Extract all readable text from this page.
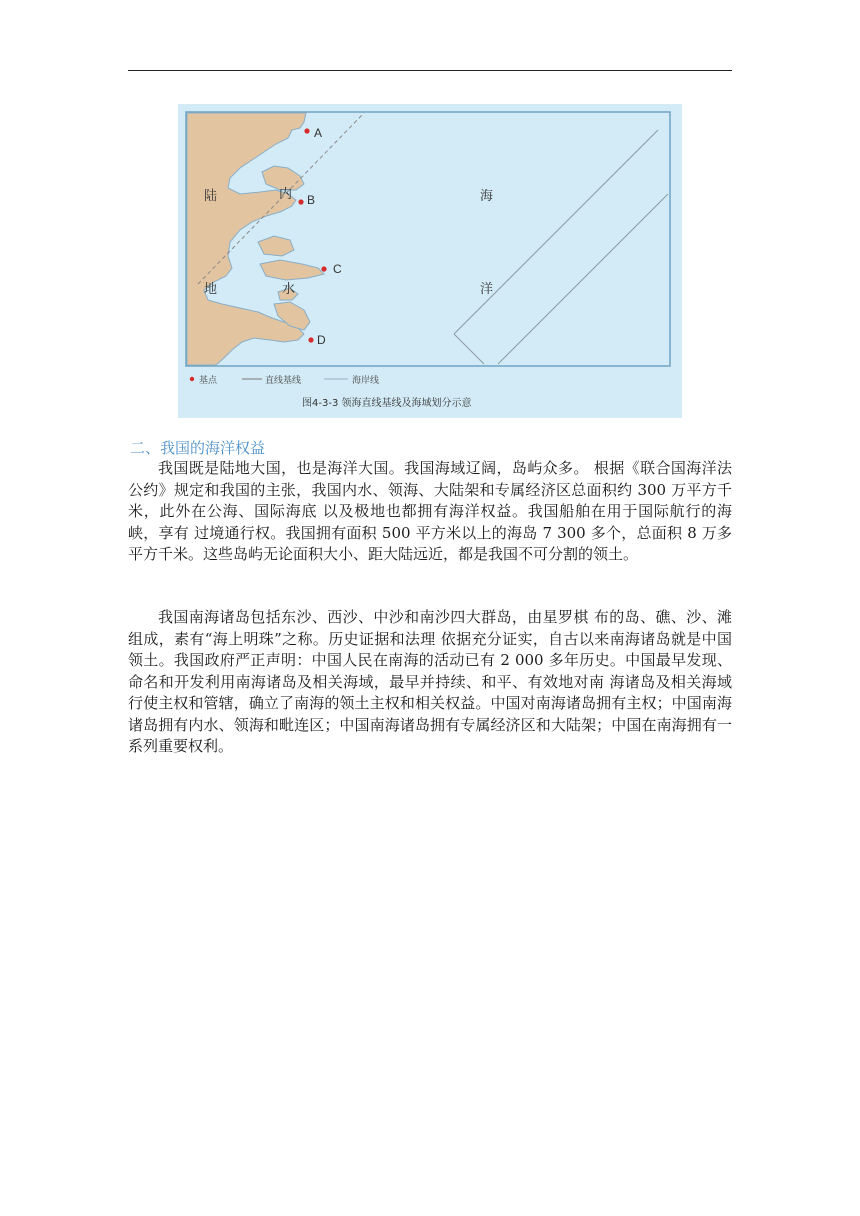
A
B
C
D
陆	内
地	水
海
洋
基点	直线基线	海岸线
图4-3-3 领海直线基线及海域划分示意
二、我国的海洋权益

我国既是陆地大国，也是海洋大国。我国海域辽阔，岛屿众多。 根据《联合国海洋法公约》规定和我国的主张，我国内水、领海、大陆架和专属经济区总面积约 300 万平方千米，此外在公海、国际海底 以及极地也都拥有海洋权益。我国船舶在用于国际航行的海峡，享有 过境通行权。我国拥有面积 500 平方米以上的海岛 7 300 多个，总面积 8 万多平方千米。这些岛屿无论面积大小、距大陆远近，都是我国不可分割的领土。

我国南海诸岛包括东沙、西沙、中沙和南沙四大群岛，由星罗棋 布的岛、礁、沙、滩组成，素有“海上明珠”之称。历史证据和法理 依据充分证实，自古以来南海诸岛就是中国领土。我国政府严正声明：中国人民在南海的活动已有 2 000 多年历史。中国最早发现、命名和开发利用南海诸岛及相关海域，最早并持续、和平、有效地对南 海诸岛及相关海域行使主权和管辖，确立了南海的领土主权和相关权益。中国对南海诸岛拥有主权；中国南海诸岛拥有内水、领海和毗连区；中国南海诸岛拥有专属经济区和大陆架；中国在南海拥有一系列重要权利。
